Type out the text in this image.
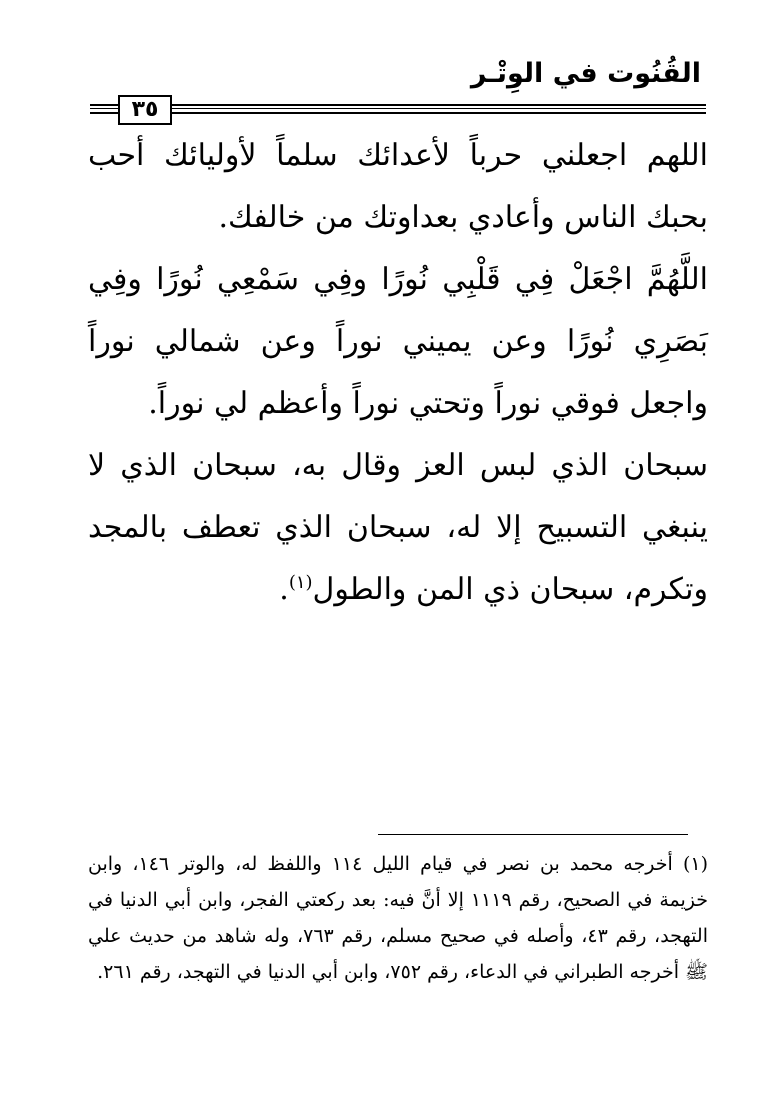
القُنُوت في الوِتْـر
٣٥

اللهم اجعلني حرباً لأعدائك سلماً لأوليائك أحب بحبك الناس وأعادي بعداوتك من خالفك.

اللَّهُمَّ اجْعَلْ فِي قَلْبِي نُورًا وفِي سَمْعِي نُورًا وفِي بَصَرِي نُورًا وعن يميني نوراً وعن شمالي نوراً واجعل فوقي نوراً وتحتي نوراً وأعظم لي نوراً.

سبحان الذي لبس العز وقال به، سبحان الذي لا ينبغي التسبيح إلا له، سبحان الذي تعطف بالمجد وتكرم، سبحان ذي المن والطول$^{(١)}$.

(١) أخرجه محمد بن نصر في قيام الليل ١١٤ واللفظ له، والوتر ١٤٦، وابن خزيمة في الصحيح، رقم ١١١٩ إلا أنَّ فيه: بعد ركعتي الفجر، وابن أبي الدنيا في التهجد، رقم ٤٣، وأصله في صحيح مسلم، رقم ٧٦٣، وله شاهد من حديث علي ﷺ أخرجه الطبراني في الدعاء، رقم ٧٥٢، وابن أبي الدنيا في التهجد، رقم ٢٦١.
